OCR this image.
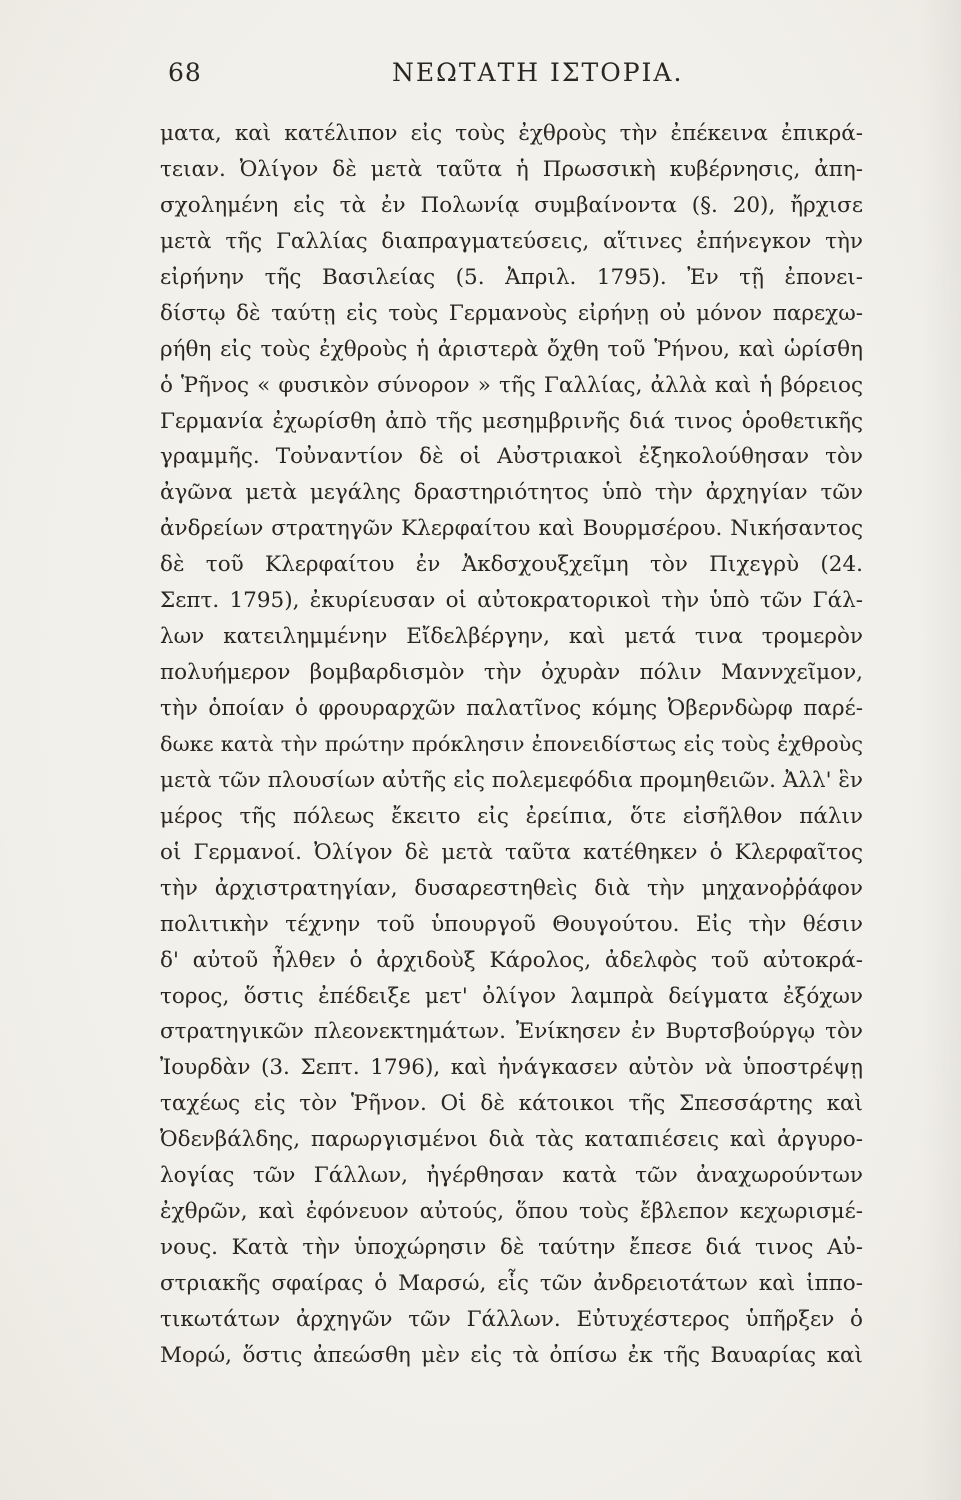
68	ΝΕΩΤΑΤΗ ΙΣΤΟΡΙΑ.
ματα, καὶ κατέλιπον εἰς τοὺς ἐχθροὺς τὴν ἐπέκεινα ἐπικρά-
τειαν. Ὀλίγον δὲ μετὰ ταῦτα ἡ Πρωσσικὴ κυβέρνησις, ἀπη-
σχολημένη εἰς τὰ ἐν Πολωνίᾳ συμβαίνοντα (§. 20), ἤρχισε
μετὰ τῆς Γαλλίας διαπραγματεύσεις, αἵτινες ἐπήνεγκον τὴν
εἰρήνην τῆς Βασιλείας (5. Ἀπριλ. 1795). Ἐν τῇ ἐπονει-
δίστῳ δὲ ταύτῃ εἰς τοὺς Γερμανοὺς εἰρήνῃ οὐ μόνον παρεχω-
ρήθη εἰς τοὺς ἐχθροὺς ἡ ἀριστερὰ ὄχθη τοῦ Ῥήνου, καὶ ὡρίσθη
ὁ Ῥῆνος « φυσικὸν σύνορον » τῆς Γαλλίας, ἀλλὰ καὶ ἡ βόρειος
Γερμανία ἐχωρίσθη ἀπὸ τῆς μεσημβρινῆς διά τινος ὁροθετικῆς
γραμμῆς. Τοὐναντίον δὲ οἱ Αὐστριακοὶ ἐξηκολούθησαν τὸν
ἀγῶνα μετὰ μεγάλης δραστηριότητος ὑπὸ τὴν ἀρχηγίαν τῶν
ἀνδρείων στρατηγῶν Κλερφαίτου καὶ Βουρμσέρου. Νικήσαντος
δὲ τοῦ Κλερφαίτου ἐν Ἀκδσχουξχεῖμη τὸν Πιχεγρὺ (24.
Σεπτ. 1795), ἐκυρίευσαν οἱ αὐτοκρατορικοὶ τὴν ὑπὸ τῶν Γάλ-
λων κατειλημμένην Εἴδελβέργην, καὶ μετά τινα τρομερὸν
πολυήμερον βομβαρδισμὸν τὴν ὀχυρὰν πόλιν Μαννχεῖμον,
τὴν ὁποίαν ὁ φρουραρχῶν παλατῖνος κόμης Ὀβερνδὼρφ παρέ-
δωκε κατὰ τὴν πρώτην πρόκλησιν ἐπονειδίστως εἰς τοὺς ἐχθροὺς
μετὰ τῶν πλουσίων αὐτῆς εἰς πολεμεφόδια προμηθειῶν. Ἀλλ' ἓν
μέρος τῆς πόλεως ἔκειτο εἰς ἐρείπια, ὅτε εἰσῆλθον πάλιν
οἱ Γερμανοί. Ὀλίγον δὲ μετὰ ταῦτα κατέθηκεν ὁ Κλερφαῖτος
τὴν ἀρχιστρατηγίαν, δυσαρεστηθεὶς διὰ τὴν μηχανοῤῥάφον
πολιτικὴν τέχνην τοῦ ὑπουργοῦ Θουγούτου. Εἰς τὴν θέσιν
δ' αὐτοῦ ἦλθεν ὁ ἀρχιδοὺξ Κάρολος, ἀδελφὸς τοῦ αὐτοκρά-
τορος, ὅστις ἐπέδειξε μετ' ὀλίγον λαμπρὰ δείγματα ἐξόχων
στρατηγικῶν πλεονεκτημάτων. Ἐνίκησεν ἐν Βυρτσβούργῳ τὸν
Ἰουρδὰν (3. Σεπτ. 1796), καὶ ἠνάγκασεν αὐτὸν νὰ ὑποστρέψῃ
ταχέως εἰς τὸν Ῥῆνον. Οἱ δὲ κάτοικοι τῆς Σπεσσάρτης καὶ
Ὀδενβάλδης, παρωργισμένοι διὰ τὰς καταπιέσεις καὶ ἀργυρο-
λογίας τῶν Γάλλων, ἠγέρθησαν κατὰ τῶν ἀναχωρούντων
ἐχθρῶν, καὶ ἐφόνευον αὐτούς, ὅπου τοὺς ἔβλεπον κεχωρισμέ-
νους. Κατὰ τὴν ὑποχώρησιν δὲ ταύτην ἔπεσε διά τινος Αὐ-
στριακῆς σφαίρας ὁ Μαρσώ, εἷς τῶν ἀνδρειοτάτων καὶ ἱππο-
τικωτάτων ἀρχηγῶν τῶν Γάλλων. Εὐτυχέστερος ὑπῆρξεν ὁ
Μορώ, ὅστις ἀπεώσθη μὲν εἰς τὰ ὀπίσω ἐκ τῆς Βαυαρίας καὶ
